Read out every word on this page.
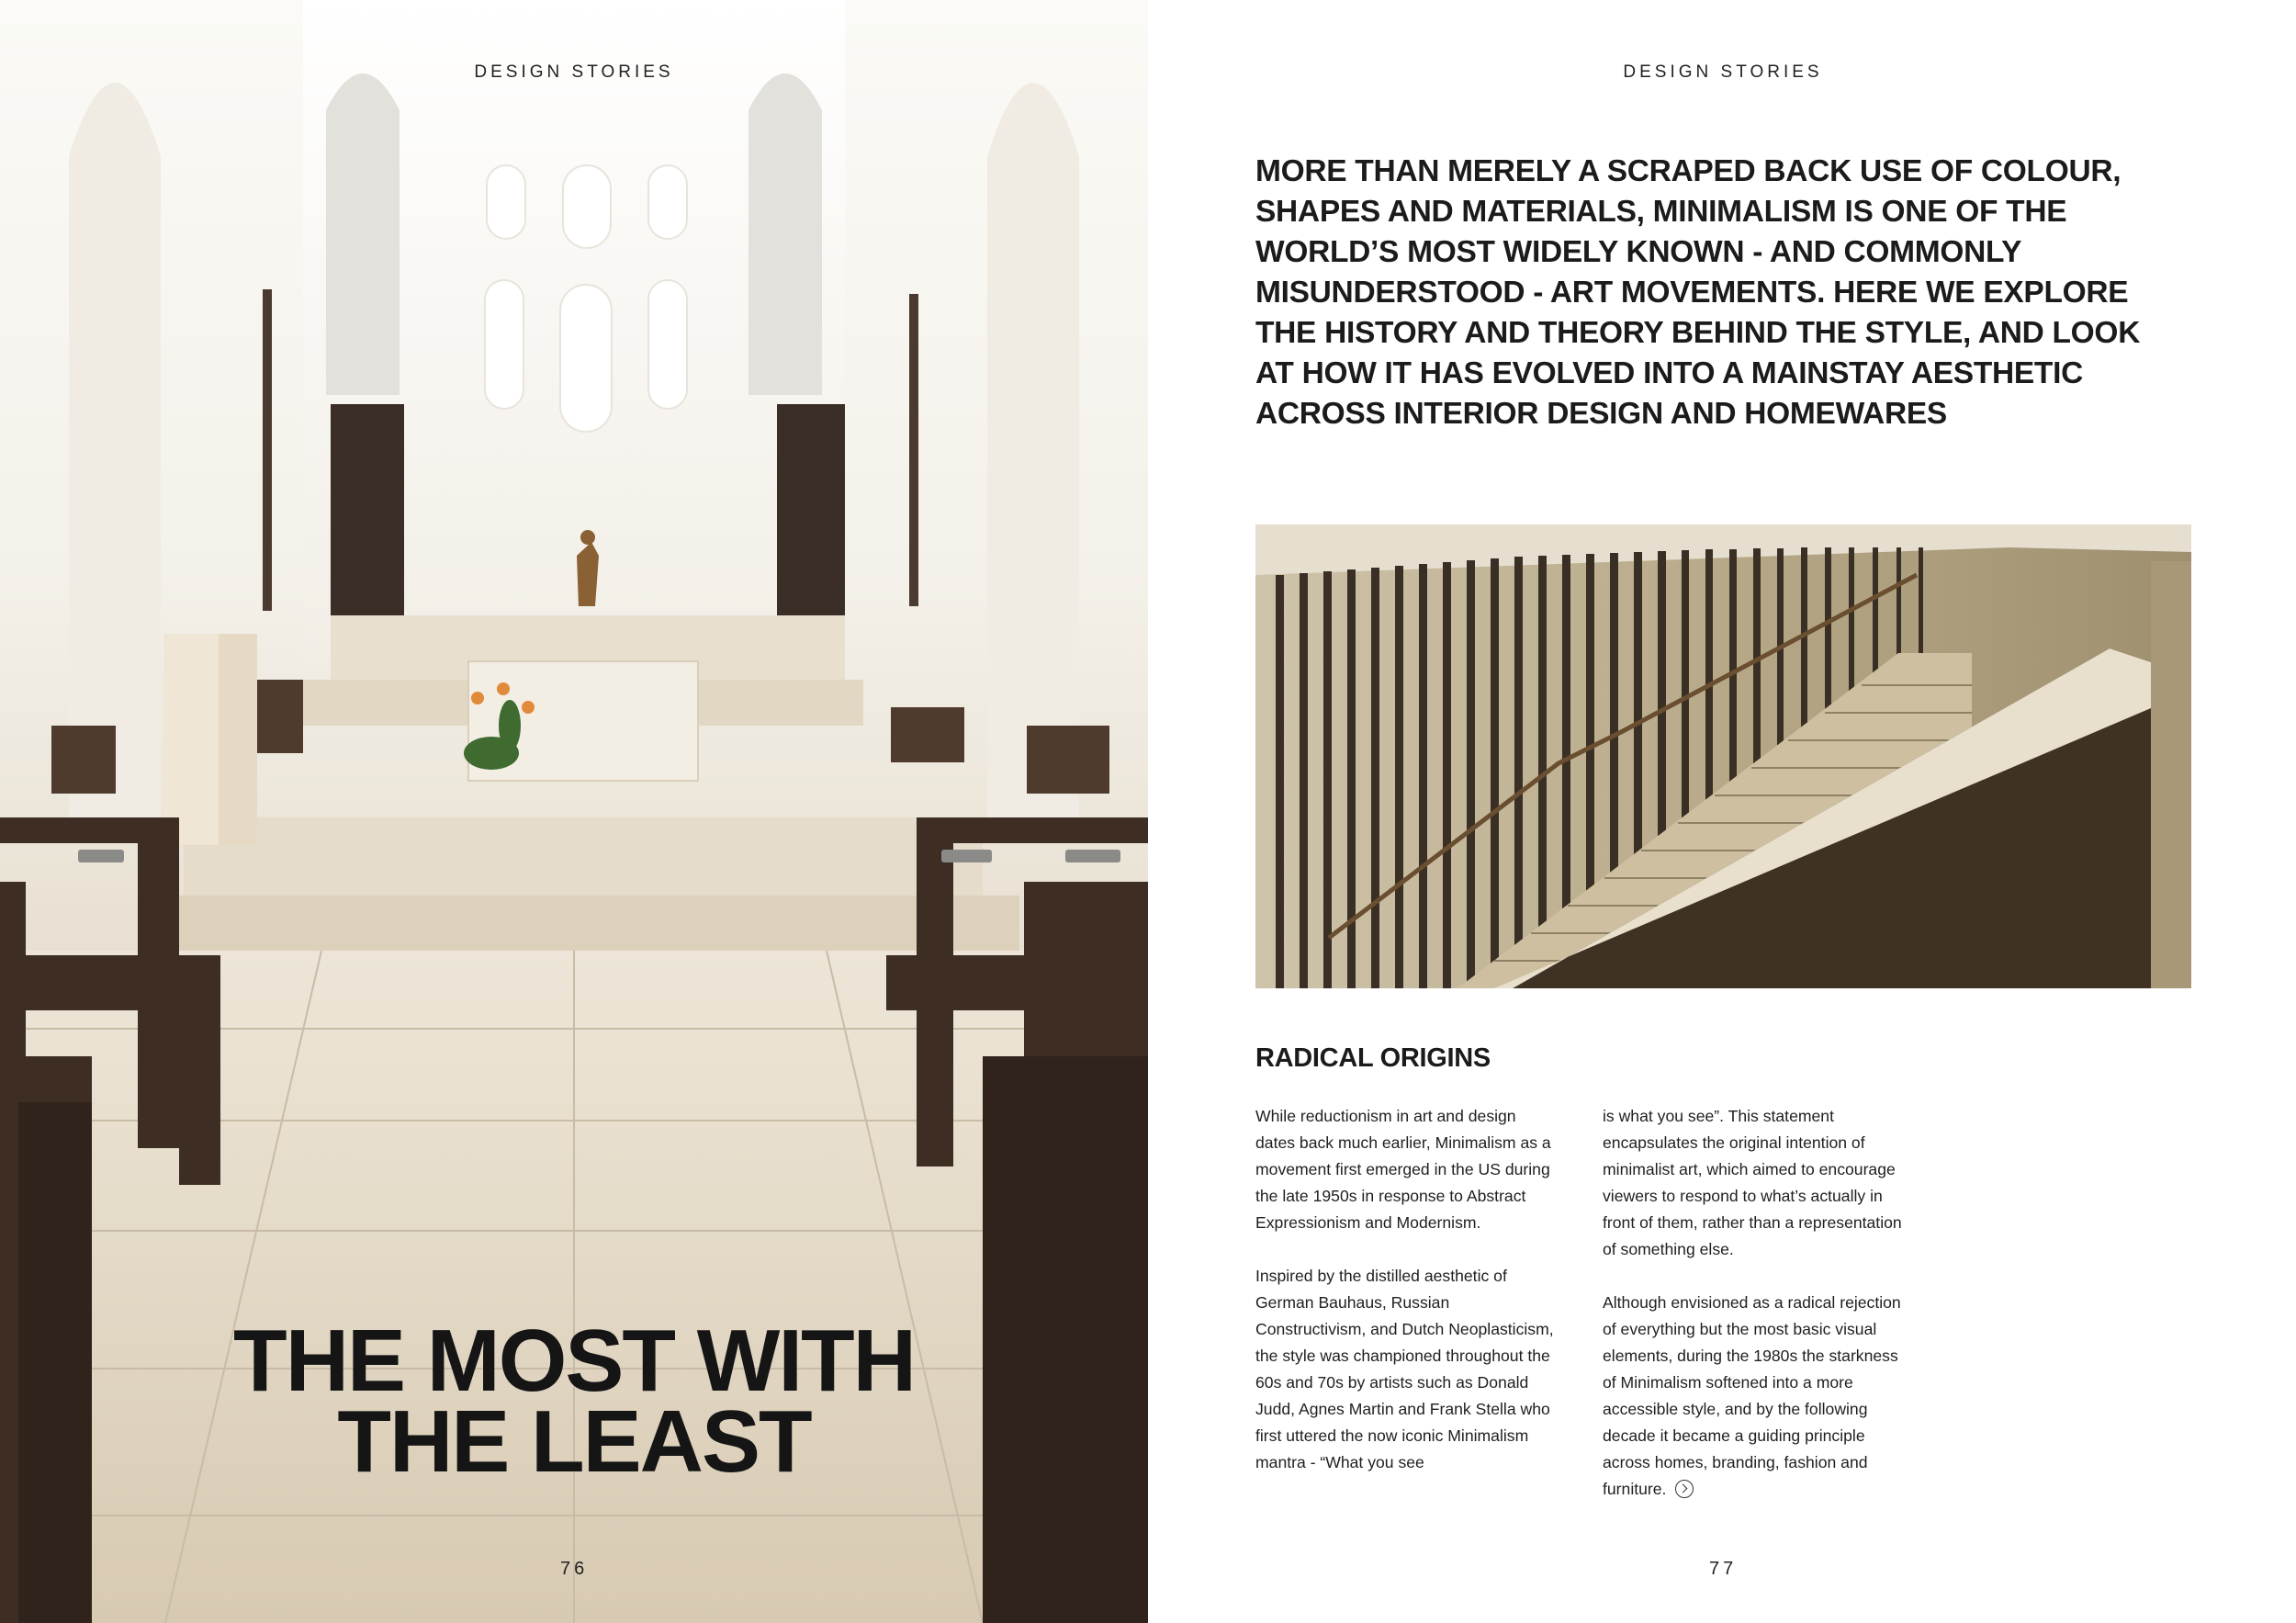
DESIGN STORIES
THE MOST WITH
THE LEAST
76
DESIGN STORIES

MORE THAN MERELY A SCRAPED BACK USE OF COLOUR, SHAPES AND MATERIALS, MINIMALISM IS ONE OF THE WORLD’S MOST WIDELY KNOWN - AND COMMONLY MISUNDERSTOOD - ART MOVEMENTS. HERE WE EXPLORE THE HISTORY AND THEORY BEHIND THE STYLE, AND LOOK AT HOW IT HAS EVOLVED INTO A MAINSTAY AESTHETIC ACROSS INTERIOR DESIGN AND HOMEWARES

RADICAL ORIGINS

While reductionism in art and design dates back much earlier, Minimalism as a movement first emerged in the US during the late 1950s in response to Abstract Expressionism and Modernism.

Inspired by the distilled aesthetic of German Bauhaus, Russian Constructivism, and Dutch Neoplasticism, the style was championed throughout the 60s and 70s by artists such as Donald Judd, Agnes Martin and Frank Stella who first uttered the now iconic Minimalism mantra - “What you see

is what you see”. This statement encapsulates the original intention of minimalist art, which aimed to encourage viewers to respond to what’s actually in front of them, rather than a representation of something else.

Although envisioned as a radical rejection of everything but the most basic visual elements, during the 1980s the starkness of Minimalism softened into a more accessible style, and by the following decade it became a guiding principle across homes, branding, fashion and furniture.

77
